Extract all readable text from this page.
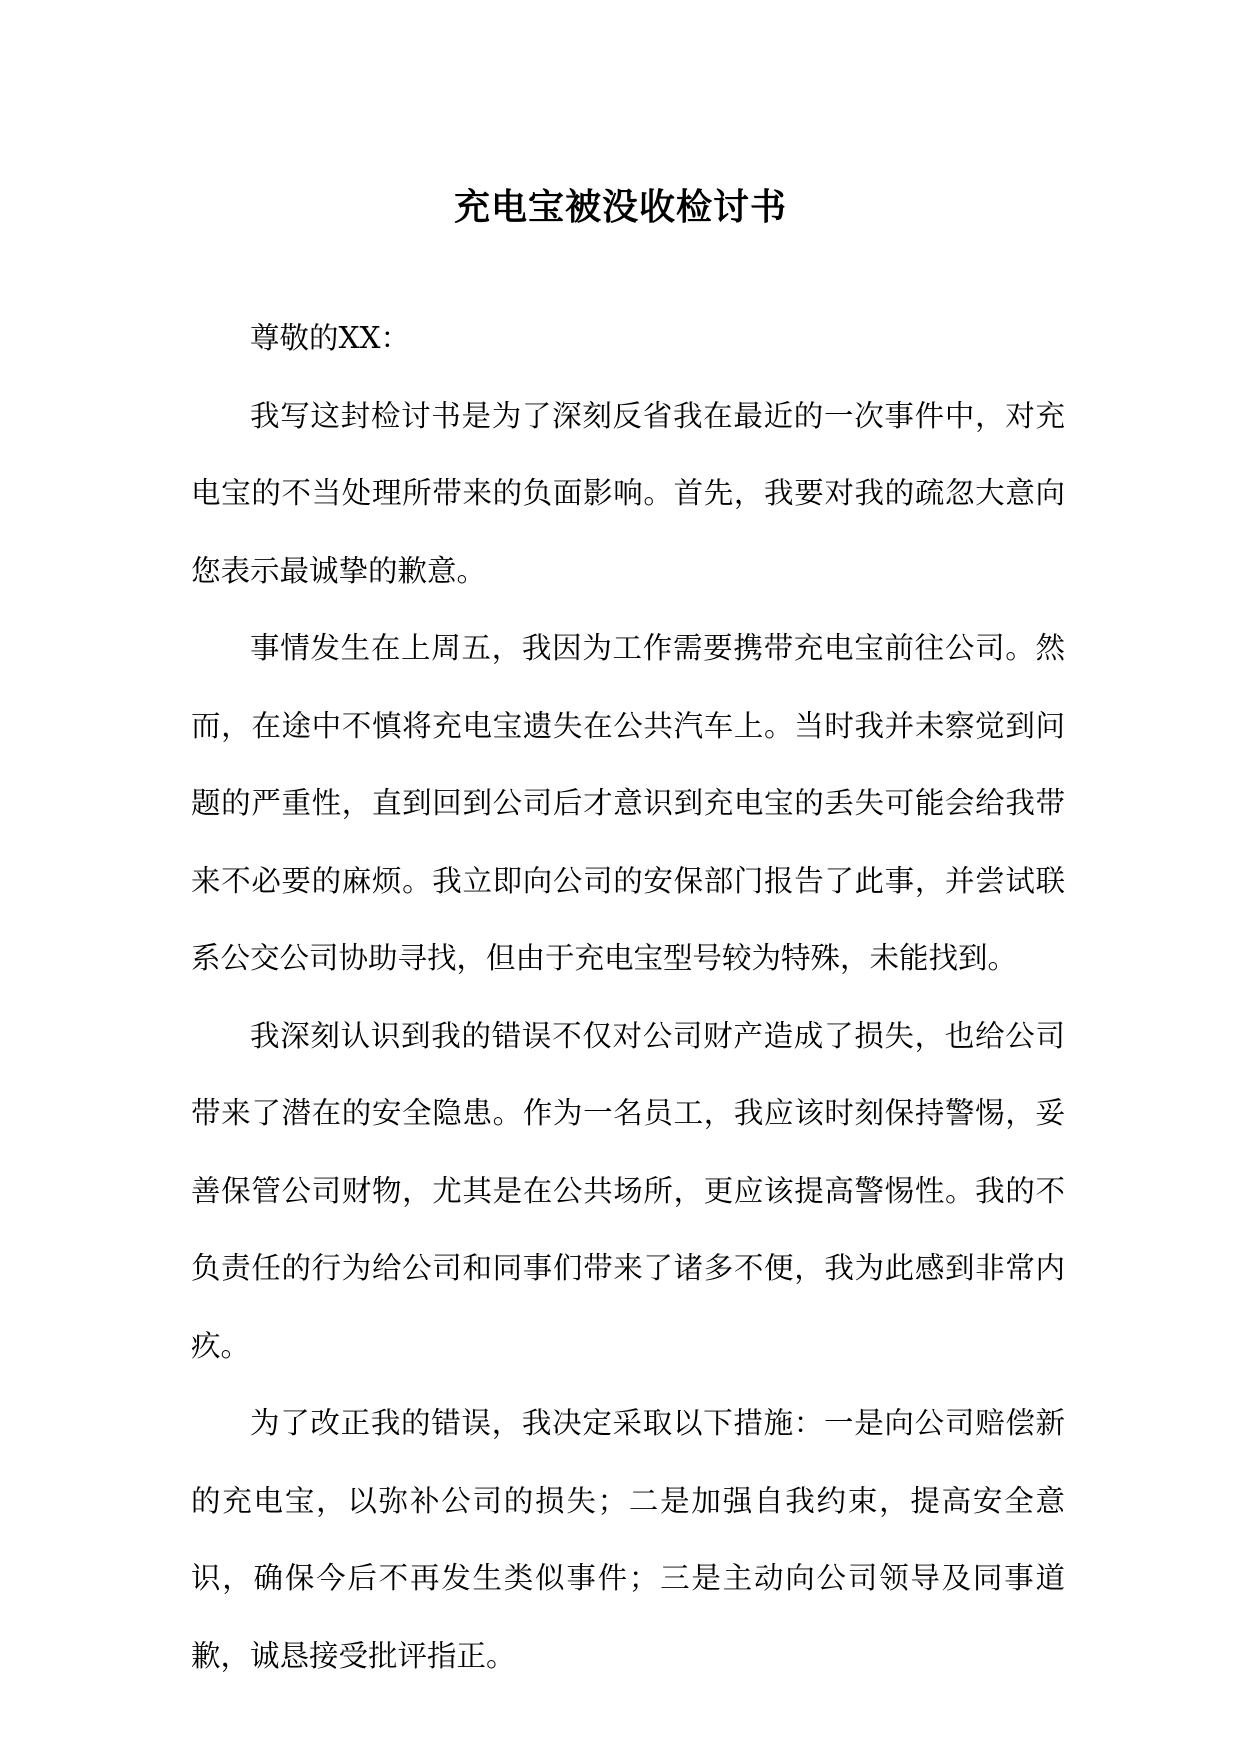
充电宝被没收检讨书

尊敬的XX：

我写这封检讨书是为了深刻反省我在最近的一次事件中，对充电宝的不当处理所带来的负面影响。首先，我要对我的疏忽大意向您表示最诚挚的歉意。

事情发生在上周五，我因为工作需要携带充电宝前往公司。然而，在途中不慎将充电宝遗失在公共汽车上。当时我并未察觉到问题的严重性，直到回到公司后才意识到充电宝的丢失可能会给我带来不必要的麻烦。我立即向公司的安保部门报告了此事，并尝试联系公交公司协助寻找，但由于充电宝型号较为特殊，未能找到。

我深刻认识到我的错误不仅对公司财产造成了损失，也给公司带来了潜在的安全隐患。作为一名员工，我应该时刻保持警惕，妥善保管公司财物，尤其是在公共场所，更应该提高警惕性。我的不负责任的行为给公司和同事们带来了诸多不便，我为此感到非常内疚。

为了改正我的错误，我决定采取以下措施：一是向公司赔偿新的充电宝，以弥补公司的损失；二是加强自我约束，提高安全意识，确保今后不再发生类似事件；三是主动向公司领导及同事道歉，诚恳接受批评指正。
